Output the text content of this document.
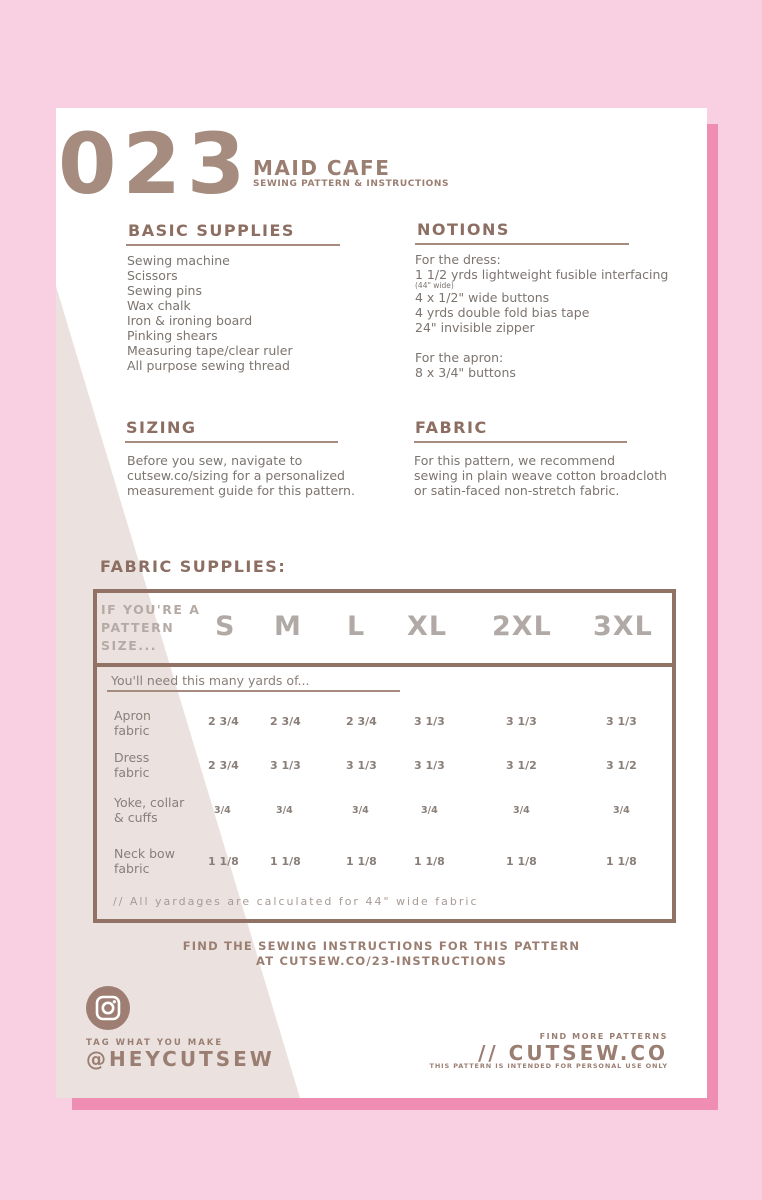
023 MAID CAFE
SEWING PATTERN & INSTRUCTIONS
BASIC SUPPLIES
Sewing machine
Scissors
Sewing pins
Wax chalk
Iron & ironing board
Pinking shears
Measuring tape/clear ruler
All purpose sewing thread
NOTIONS
For the dress:
1 1/2 yrds lightweight fusible interfacing
(44" wide)
4 x 1/2" wide buttons
4 yrds double fold bias tape
24" invisible zipper
For the apron:
8 x 3/4" buttons
SIZING
Before you sew, navigate to
cutsew.co/sizing for a personalized
measurement guide for this pattern.
FABRIC
For this pattern, we recommend
sewing in plain weave cotton broadcloth
or satin-faced non-stretch fabric.
FABRIC SUPPLIES:
IF YOU'RE A
PATTERN
SIZE...
S M L XL 2XL 3XL
You'll need this many yards of...
Apron
fabric
2 3/4	2 3/4	2 3/4	3 1/3	3 1/3	3 1/3
Dress
fabric	2 3/4	3 1/3	3 1/3	3 1/3	3 1/2	3 1/2
Yoke, collar
& cuffs	3/4	3/4	3/4	3/4	3/4	3/4
Neck bow
fabric	1 1/8	1 1/8	1 1/8	1 1/8	1 1/8	1 1/8
// All yardages are calculated for 44" wide fabric
FIND THE SEWING INSTRUCTIONS FOR THIS PATTERN
AT CUTSEW.CO/23-INSTRUCTIONS
TAG WHAT YOU MAKE
@HEYCUTSEW
FIND MORE PATTERNS
// CUTSEW.CO
THIS PATTERN IS INTENDED FOR PERSONAL USE ONLY
